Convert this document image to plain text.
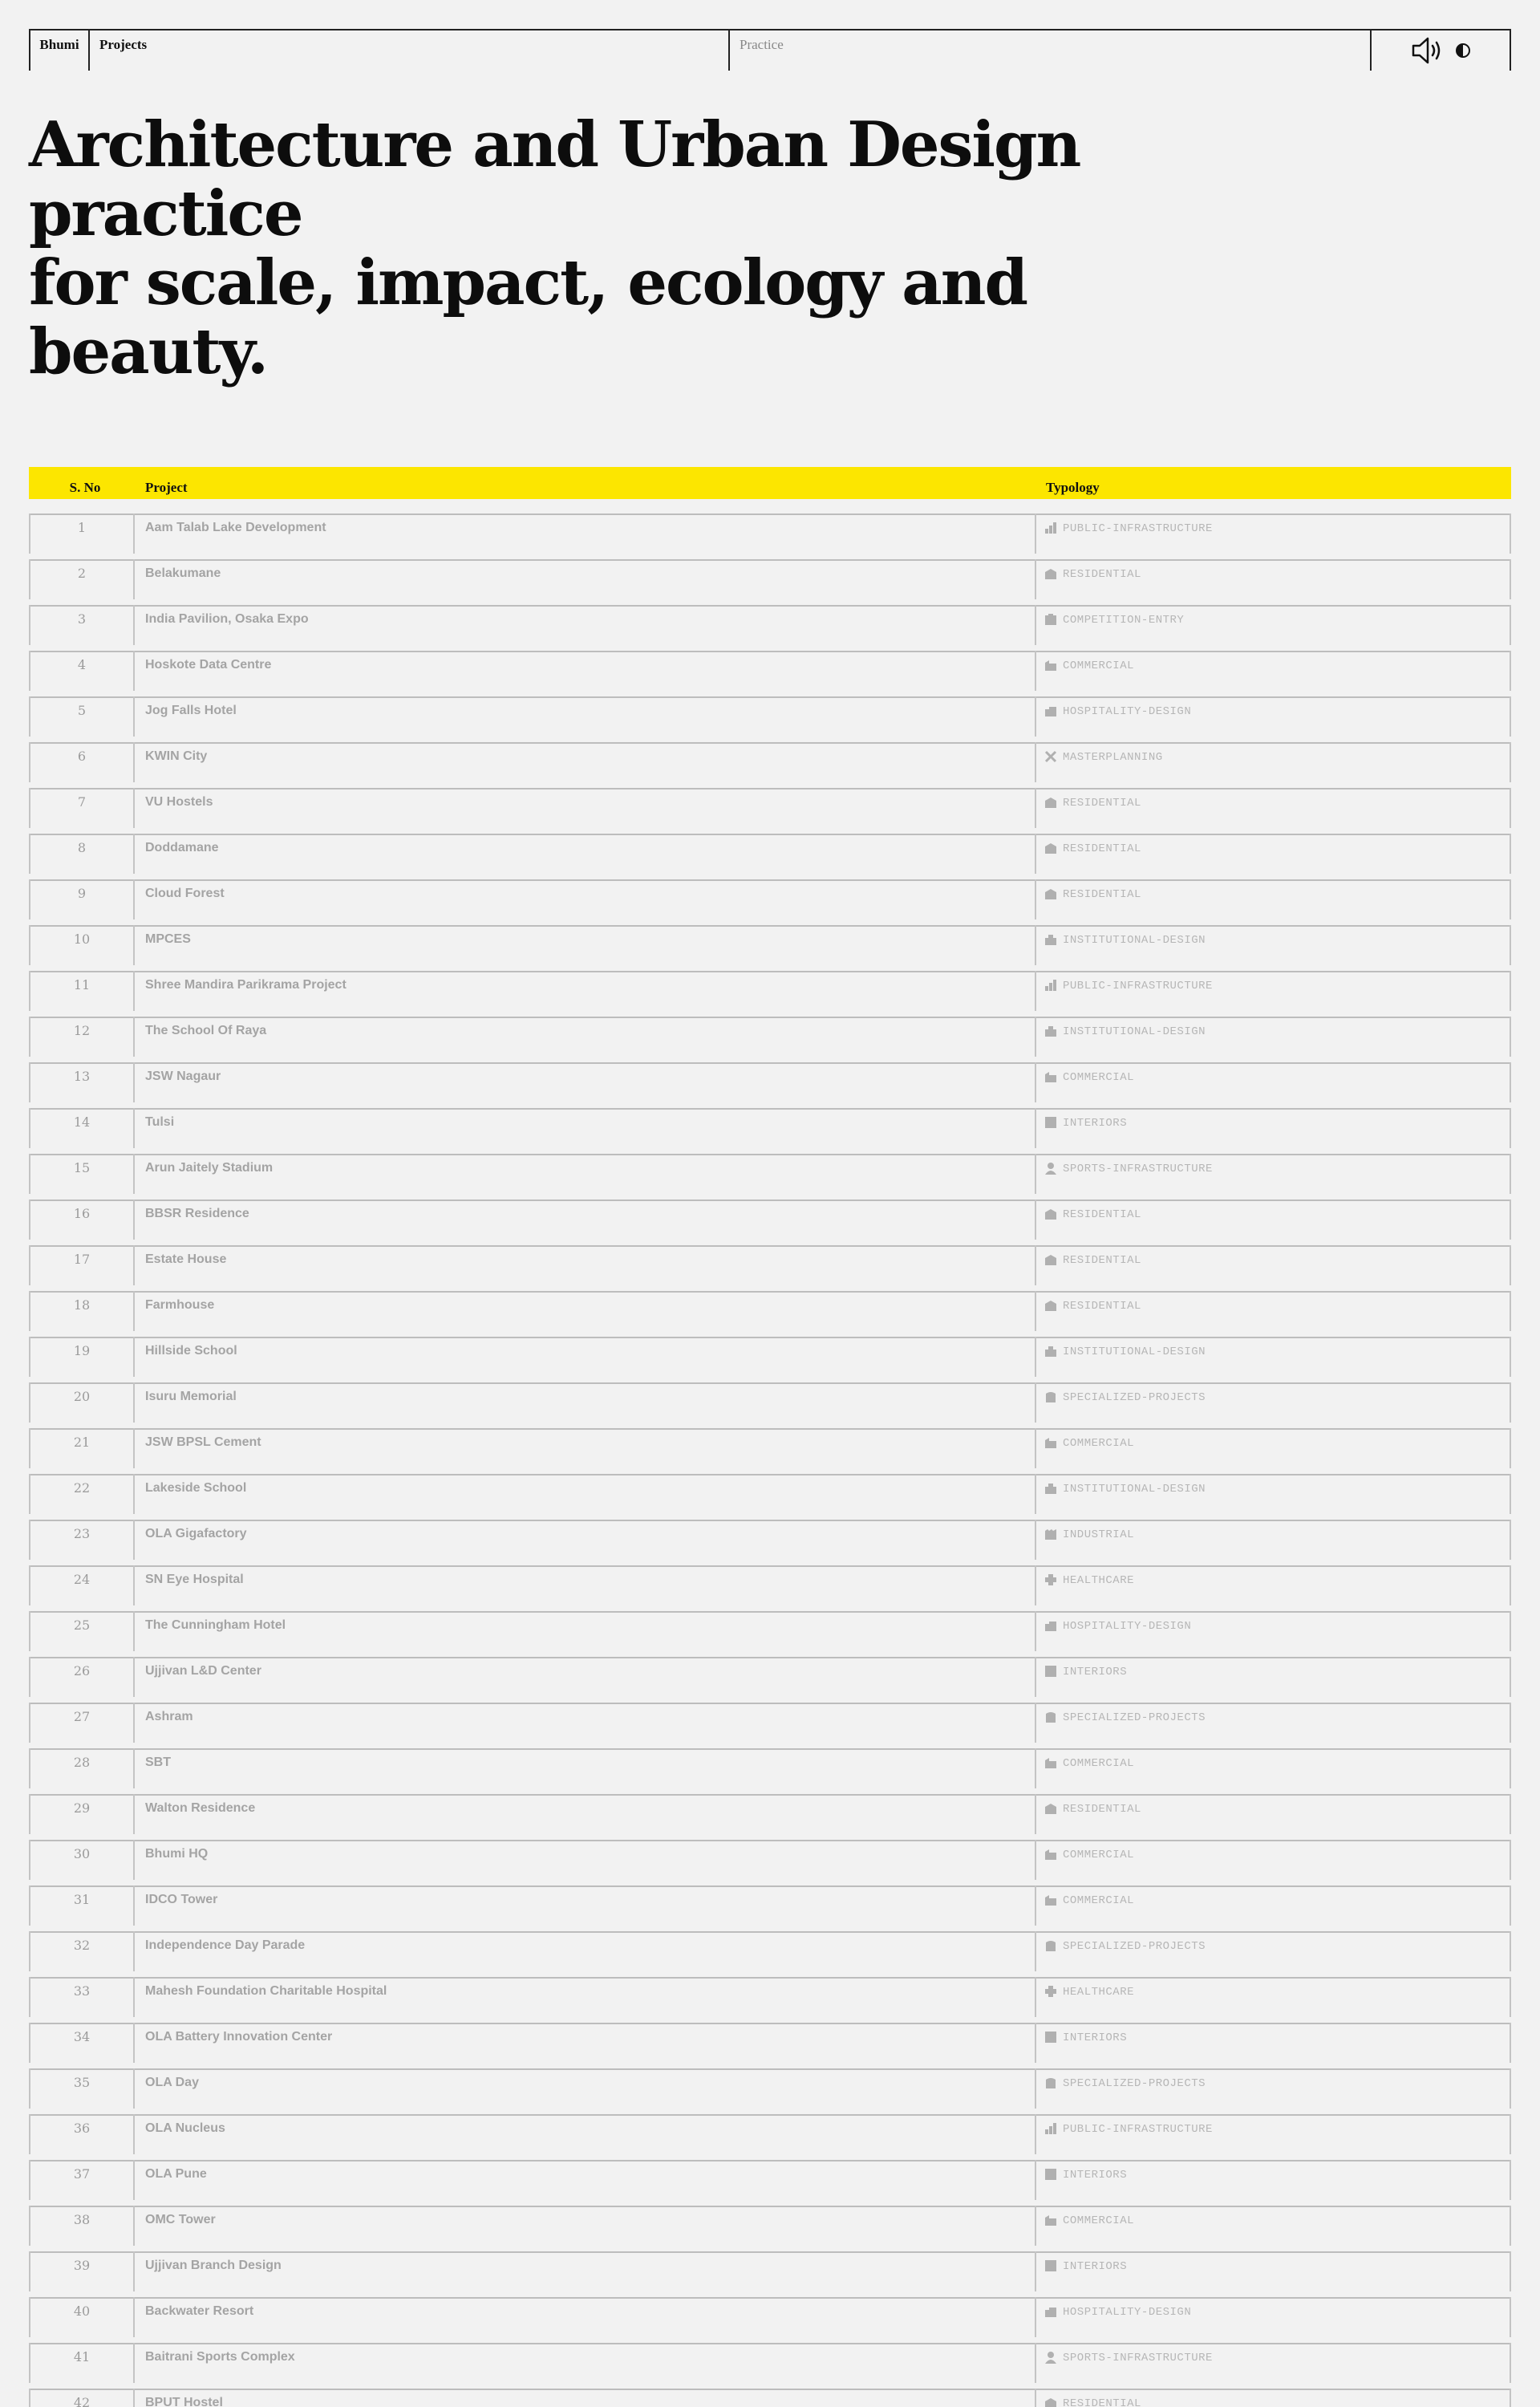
Bhumi	Projects	Practice
Architecture and Urban Design practice
for scale, impact, ecology and beauty.
S. No	Project	Typology
1	Aam Talab Lake Development	PUBLIC-INFRASTRUCTURE
2	Belakumane	RESIDENTIAL
3	India Pavilion, Osaka Expo	COMPETITION-ENTRY
4	Hoskote Data Centre	COMMERCIAL
5	Jog Falls Hotel	HOSPITALITY-DESIGN
6	KWIN City	MASTERPLANNING
7	VU Hostels	RESIDENTIAL
8	Doddamane	RESIDENTIAL
9	Cloud Forest	RESIDENTIAL
10	MPCES	INSTITUTIONAL-DESIGN
11	Shree Mandira Parikrama Project	PUBLIC-INFRASTRUCTURE
12	The School Of Raya	INSTITUTIONAL-DESIGN
13	JSW Nagaur	COMMERCIAL
14	Tulsi	INTERIORS
15	Arun Jaitely Stadium	SPORTS-INFRASTRUCTURE
16	BBSR Residence	RESIDENTIAL
17	Estate House	RESIDENTIAL
18	Farmhouse	RESIDENTIAL
19	Hillside School	INSTITUTIONAL-DESIGN
20	Isuru Memorial	SPECIALIZED-PROJECTS
21	JSW BPSL Cement	COMMERCIAL
22	Lakeside School	INSTITUTIONAL-DESIGN
23	OLA Gigafactory	INDUSTRIAL
24	SN Eye Hospital	HEALTHCARE
25	The Cunningham Hotel	HOSPITALITY-DESIGN
26	Ujjivan L&D Center	INTERIORS
27	Ashram	SPECIALIZED-PROJECTS
28	SBT	COMMERCIAL
29	Walton Residence	RESIDENTIAL
30	Bhumi HQ	COMMERCIAL
31	IDCO Tower	COMMERCIAL
32	Independence Day Parade	SPECIALIZED-PROJECTS
33	Mahesh Foundation Charitable Hospital	HEALTHCARE
34	OLA Battery Innovation Center	INTERIORS
35	OLA Day	SPECIALIZED-PROJECTS
36	OLA Nucleus	PUBLIC-INFRASTRUCTURE
37	OLA Pune	INTERIORS
38	OMC Tower	COMMERCIAL
39	Ujjivan Branch Design	INTERIORS
40	Backwater Resort	HOSPITALITY-DESIGN
41	Baitrani Sports Complex	SPORTS-INFRASTRUCTURE
42	BPUT Hostel	RESIDENTIAL
